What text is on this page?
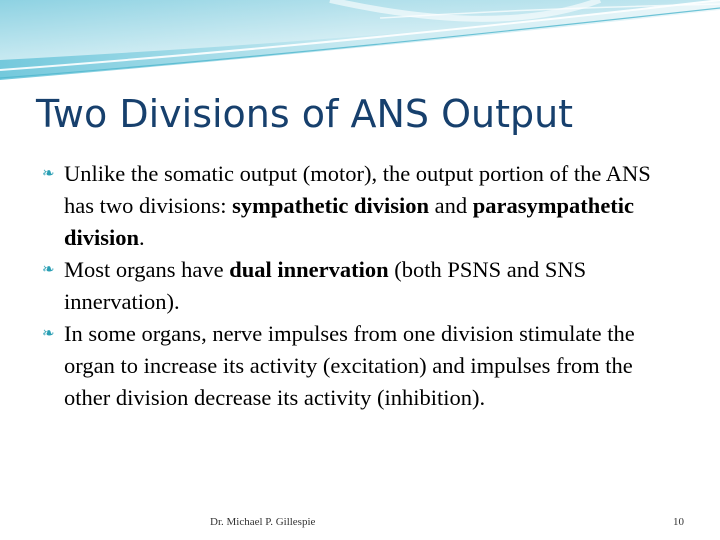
Two Divisions of ANS Output
❧ Unlike the somatic output (motor), the output portion of the ANS has two divisions: sympathetic division and parasympathetic division.
❧ Most organs have dual innervation (both PSNS and SNS innervation).
❧ In some organs, nerve impulses from one division stimulate the organ to increase its activity (excitation) and impulses from the other division decrease its activity (inhibition).
Dr. Michael P. Gillespie	10
